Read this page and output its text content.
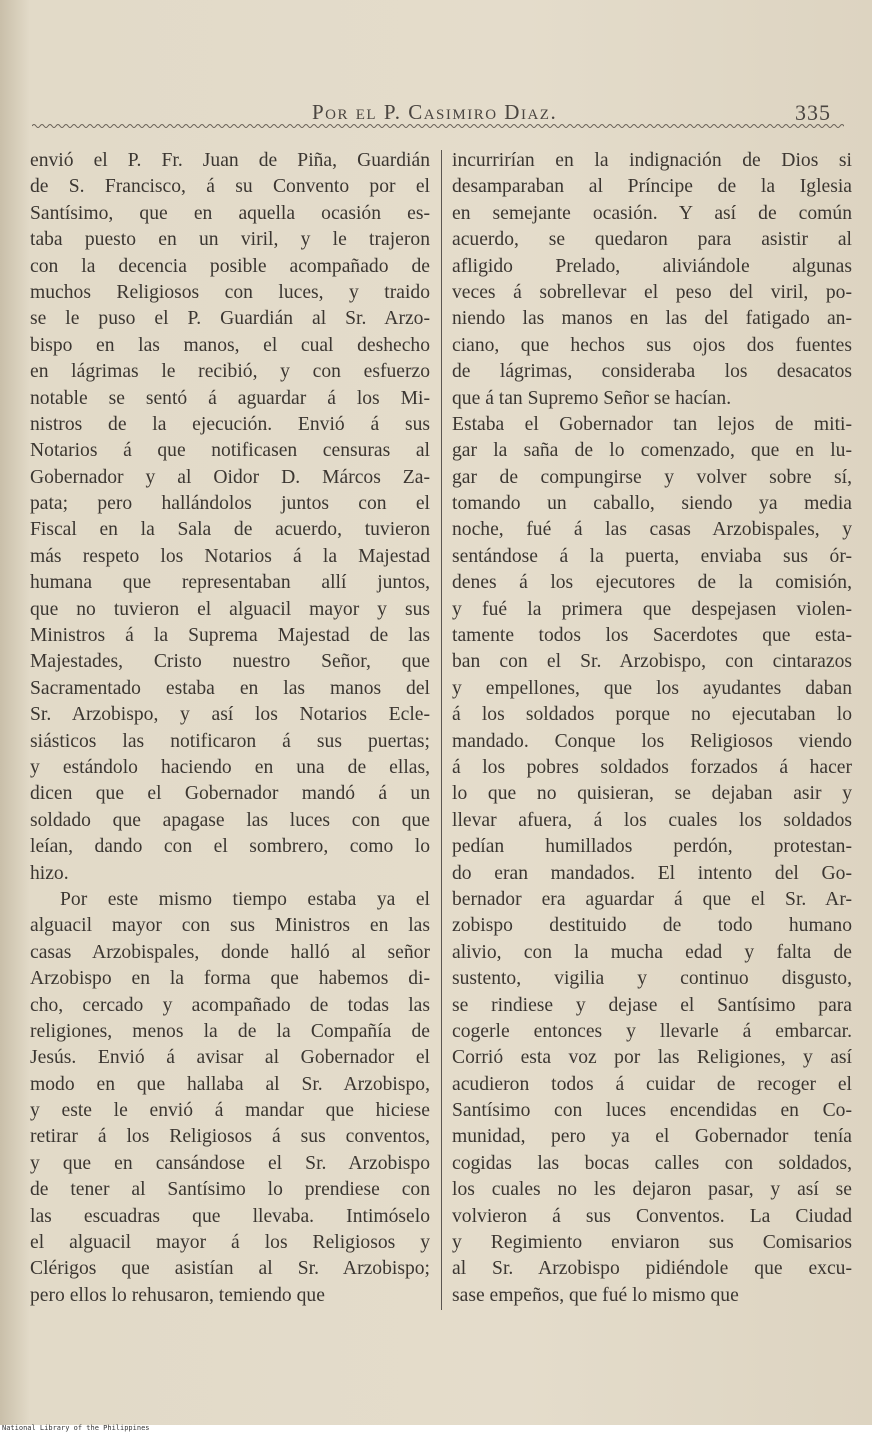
Por el P. Casimiro Diaz.	335
envió el P. Fr. Juan de Piña, Guardián
de S. Francisco, á su Convento por el
Santísimo, que en aquella ocasión es-
taba puesto en un viril, y le trajeron
con la decencia posible acompañado de
muchos Religiosos con luces, y traido
se le puso el P. Guardián al Sr. Arzo-
bispo en las manos, el cual deshecho
en lágrimas le recibió, y con esfuerzo
notable se sentó á aguardar á los Mi-
nistros de la ejecución. Envió á sus
Notarios á que notificasen censuras al
Gobernador y al Oidor D. Márcos Za-
pata; pero hallándolos juntos con el
Fiscal en la Sala de acuerdo, tuvieron
más respeto los Notarios á la Majestad
humana que representaban allí juntos,
que no tuvieron el alguacil mayor y sus
Ministros á la Suprema Majestad de las
Majestades, Cristo nuestro Señor, que
Sacramentado estaba en las manos del
Sr. Arzobispo, y así los Notarios Ecle-
siásticos las notificaron á sus puertas;
y estándolo haciendo en una de ellas,
dicen que el Gobernador mandó á un
soldado que apagase las luces con que
leían, dando con el sombrero, como lo
hizo.
Por este mismo tiempo estaba ya el
alguacil mayor con sus Ministros en las
casas Arzobispales, donde halló al señor
Arzobispo en la forma que habemos di-
cho, cercado y acompañado de todas las
religiones, menos la de la Compañía de
Jesús. Envió á avisar al Gobernador el
modo en que hallaba al Sr. Arzobispo,
y este le envió á mandar que hiciese
retirar á los Religiosos á sus conventos,
y que en cansándose el Sr. Arzobispo
de tener al Santísimo lo prendiese con
las escuadras que llevaba. Intimóselo
el alguacil mayor á los Religiosos y
Clérigos que asistían al Sr. Arzobispo;
pero ellos lo rehusaron, temiendo que
incurrirían en la indignación de Dios si
desamparaban al Príncipe de la Iglesia
en semejante ocasión. Y así de común
acuerdo, se quedaron para asistir al
afligido Prelado, aliviándole algunas
veces á sobrellevar el peso del viril, po-
niendo las manos en las del fatigado an-
ciano, que hechos sus ojos dos fuentes
de lágrimas, consideraba los desacatos
que á tan Supremo Señor se hacían.
Estaba el Gobernador tan lejos de miti-
gar la saña de lo comenzado, que en lu-
gar de compungirse y volver sobre sí,
tomando un caballo, siendo ya media
noche, fué á las casas Arzobispales, y
sentándose á la puerta, enviaba sus ór-
denes á los ejecutores de la comisión,
y fué la primera que despejasen violen-
tamente todos los Sacerdotes que esta-
ban con el Sr. Arzobispo, con cintarazos
y empellones, que los ayudantes daban
á los soldados porque no ejecutaban lo
mandado. Conque los Religiosos viendo
á los pobres soldados forzados á hacer
lo que no quisieran, se dejaban asir y
llevar afuera, á los cuales los soldados
pedían humillados perdón, protestan-
do eran mandados. El intento del Go-
bernador era aguardar á que el Sr. Ar-
zobispo destituido de todo humano
alivio, con la mucha edad y falta de
sustento, vigilia y continuo disgusto,
se rindiese y dejase el Santísimo para
cogerle entonces y llevarle á embarcar.
Corrió esta voz por las Religiones, y así
acudieron todos á cuidar de recoger el
Santísimo con luces encendidas en Co-
munidad, pero ya el Gobernador tenía
cogidas las bocas calles con soldados,
los cuales no les dejaron pasar, y así se
volvieron á sus Conventos. La Ciudad
y Regimiento enviaron sus Comisarios
al Sr. Arzobispo pidiéndole que excu-
sase empeños, que fué lo mismo que
National Library of the Philippines
